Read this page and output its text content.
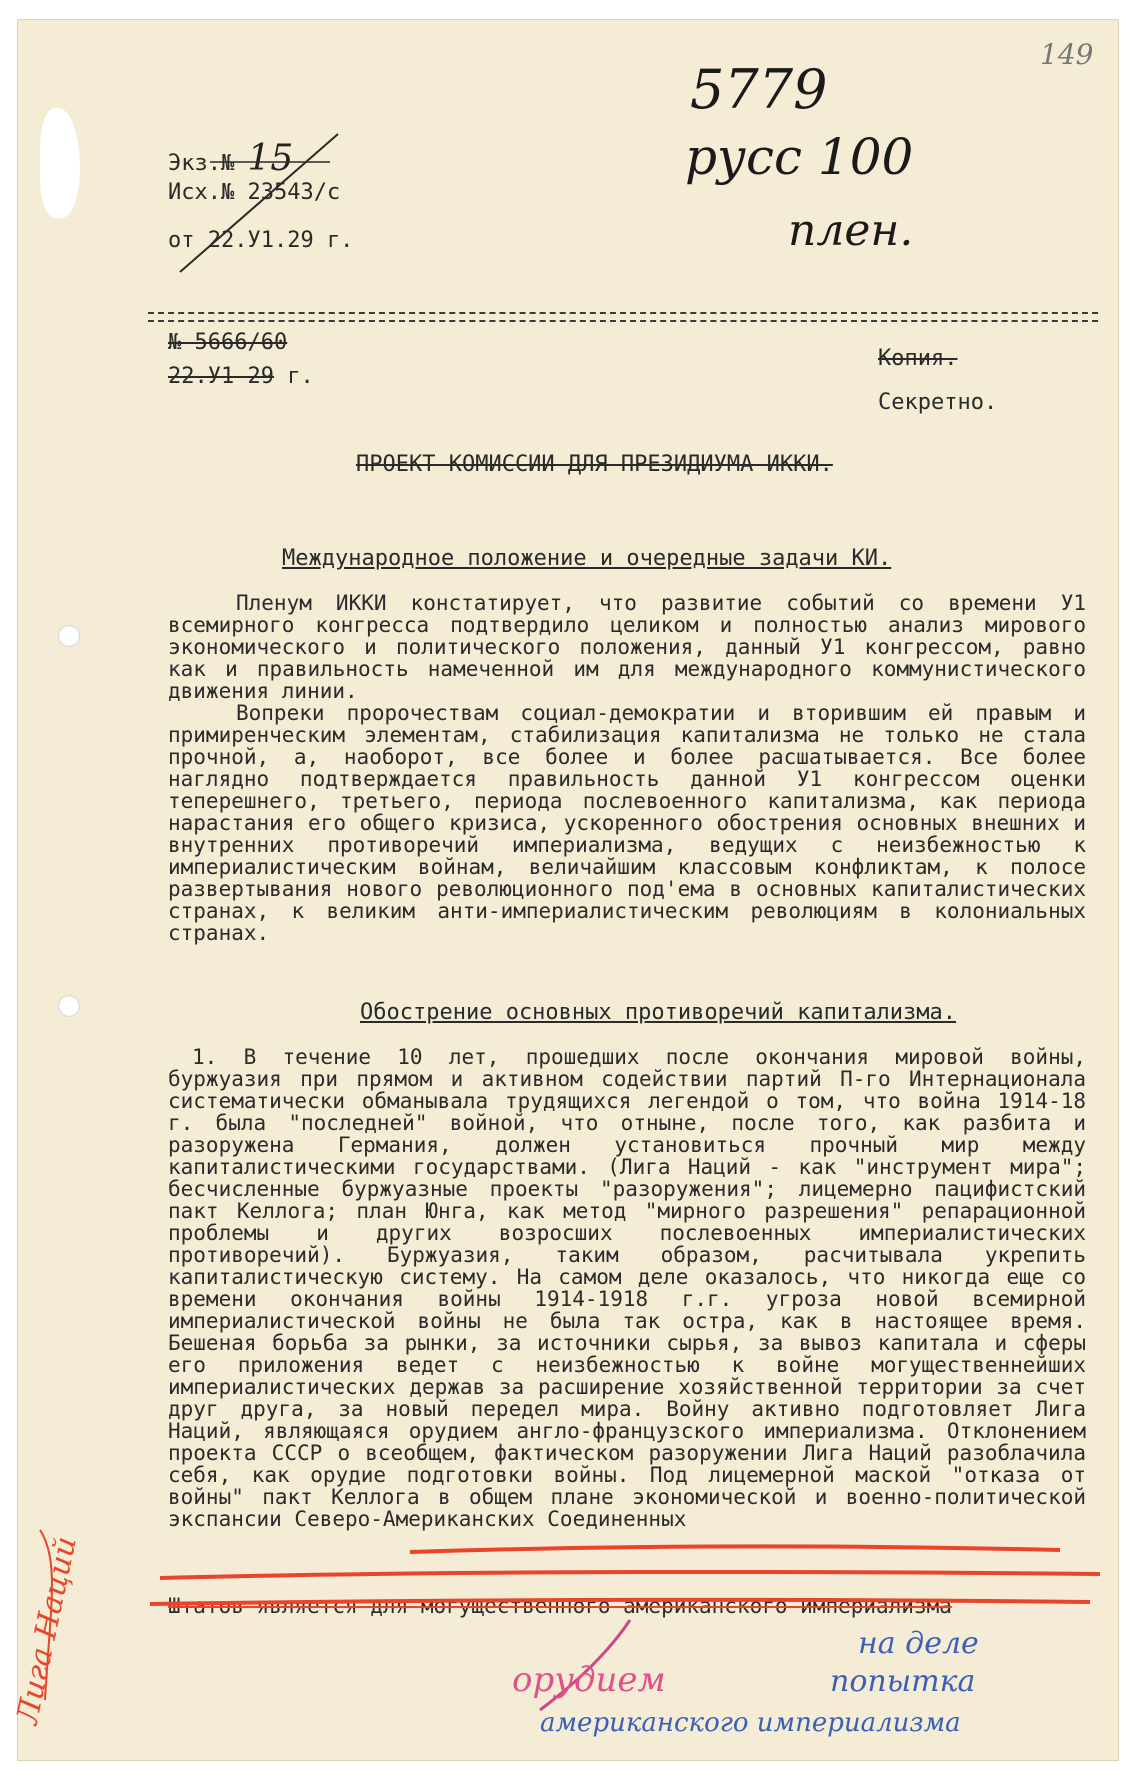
149
5779
русс 100
плен.
Экз.№ 15
Исх.№ 23543/с
от 22.У1.29 г.
№ 5666/60
22.У1-29 г.
Копия.
Секретно.
ПРОЕКТ КОМИССИИ ДЛЯ ПРЕЗИДИУМА ИККИ.
Международное положение и очередные задачи КИ.
Пленум ИККИ констатирует, что развитие событий со времени У1 всемирного конгресса подтвердило целиком и полностью анализ мирового экономического и политического положения, данный У1 конгрессом, равно как и правильность намеченной им для международного коммунистического движения линии.
Вопреки пророчествам социал-демократии и вторившим ей правым и примиренческим элементам, стабилизация капитализма не только не стала прочной, а, наоборот, все более и более расшатывается. Все более наглядно подтверждается правильность данной У1 конгрессом оценки теперешнего, третьего, периода послевоенного капитализма, как периода нарастания его общего кризиса, ускоренного обострения основных внешних и внутренних противоречий империализма, ведущих с неизбежностью к империалистическим войнам, величайшим классовым конфликтам, к полосе развертывания нового революционного под'ема в основных капиталистических странах, к великим анти-империалистическим революциям в колониальных странах.
Обострение основных противоречий капитализма.
1. В течение 10 лет, прошедших после окончания мировой войны, буржуазия при прямом и активном содействии партий П-го Интернационала систематически обманывала трудящихся легендой о том, что война 1914-18 г. была "последней" войной, что отныне, после того, как разбита и разоружена Германия, должен установиться прочный мир между капиталистическими государствами. (Лига Наций - как "инструмент мира"; бесчисленные буржуазные проекты "разоружения"; лицемерно пацифистский пакт Келлога; план Юнга, как метод "мирного разрешения" репарационной проблемы и других возросших послевоенных империалистических противоречий). Буржуазия, таким образом, расчитывала укрепить капиталистическую систему. На самом деле оказалось, что никогда еще со времени окончания войны 1914-1918 г.г. угроза новой всемирной империалистической войны не была так остра, как в настоящее время. Бешеная борьба за рынки, за источники сырья, за вывоз капитала и сферы его приложения ведет с неизбежностью к войне могущественнейших империалистических держав за расширение хозяйственной территории за счет друг друга, за новый передел мира. Войну активно подготовляет Лига Наций, являющаяся орудием англо-французского империализма. Отклонением проекта СССР о всеобщем, фактическом разоружении Лига Наций разоблачила себя, как орудие подготовки войны. Под лицемерной маской "отказа от войны" пакт Келлога в общем плане экономической и военно-политической экспансии Северо-Американских Соединенных
Штатов является для могущественного американского империализма
Лига Наций	на деле
попытка
орудием
американского империализма
